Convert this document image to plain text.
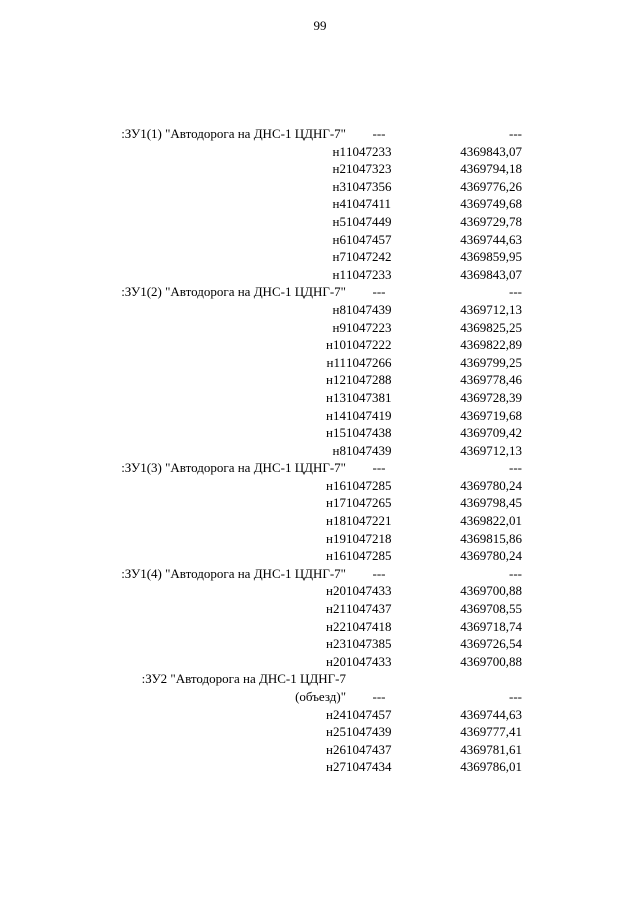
99
:ЗУ1(1) "Автодорога на ДНС-1 ЦДНГ-7"	---	---
н1	1047233	4369843,07
н2	1047323	4369794,18
н3	1047356	4369776,26
н4	1047411	4369749,68
н5	1047449	4369729,78
н6	1047457	4369744,63
н7	1047242	4369859,95
н1	1047233	4369843,07
:ЗУ1(2) "Автодорога на ДНС-1 ЦДНГ-7"	---	---
н8	1047439	4369712,13
н9	1047223	4369825,25
н10	1047222	4369822,89
н11	1047266	4369799,25
н12	1047288	4369778,46
н13	1047381	4369728,39
н14	1047419	4369719,68
н15	1047438	4369709,42
н8	1047439	4369712,13
:ЗУ1(3) "Автодорога на ДНС-1 ЦДНГ-7"	---	---
н16	1047285	4369780,24
н17	1047265	4369798,45
н18	1047221	4369822,01
н19	1047218	4369815,86
н16	1047285	4369780,24
:ЗУ1(4) "Автодорога на ДНС-1 ЦДНГ-7"	---	---
н20	1047433	4369700,88
н21	1047437	4369708,55
н22	1047418	4369718,74
н23	1047385	4369726,54
н20	1047433	4369700,88
:ЗУ2 "Автодорога на ДНС-1 ЦДНГ-7		
(объезд)"	---	---
н24	1047457	4369744,63
н25	1047439	4369777,41
н26	1047437	4369781,61
н27	1047434	4369786,01
